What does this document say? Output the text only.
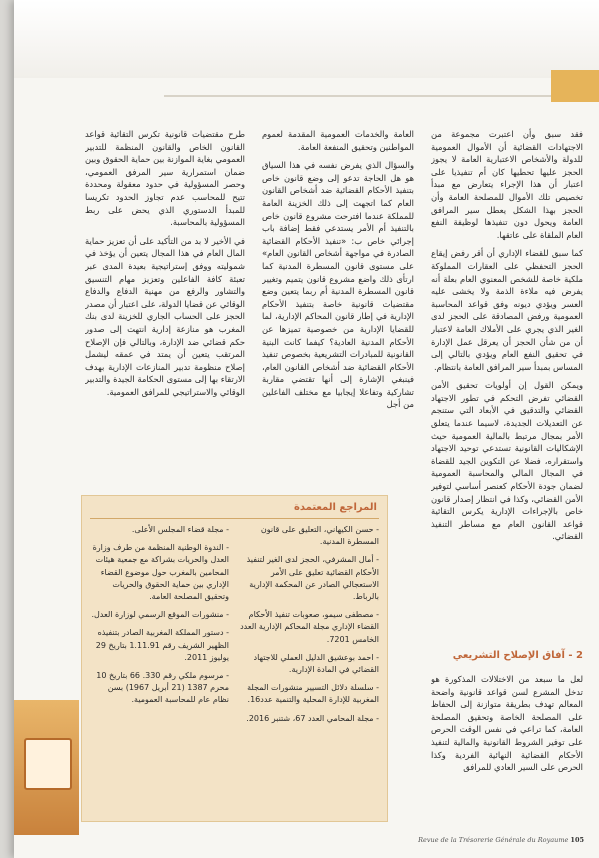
فقد سبق وأن اعتبرت مجموعة من الاجتهادات القضائية أن الأموال العمومية للدولة والأشخاص الاعتبارية العامة لا يجوز الحجز عليها تحطيها كان أم تنفيذيا على اعتبار أن هذا الإجراء يتعارض مع مبدأ تخصيص تلك الأموال للمصلحة العامة وأن الحجز بهذا الشكل يعطل سير المرافق العامة ويحول دون تنفيذها لوظيفة النفع العام الملقاة على عاتقها.

كما سبق للقضاء الإداري أن أقر رفض إيقاع الحجز التحفظي على العقارات المملوكة ملكية خاصة للشخص المعنوي العام بعلة أنه يفرض فيه ملاءة الذمة ولا يخشى عليه العسر ويؤدي ديونه وفق قواعد المحاسبة العمومية ورفض المصادقة على الحجز لدى الغير الذي يجري على الأملاك العامة لاعتبار أن من شأن الحجز أن يعرقل عمل الإدارة في تحقيق النفع العام ويؤدي بالتالي إلى المساس بمبدأ سير المرافق العامة بانتظام.

ويمكن القول إن أولويات تحقيق الأمن القضائي تفرض التحكم في تطور الاجتهاد القضائي والتدقيق في الأبعاد التي ستنجم عن التعديلات الجديدة، لاسيما عندما يتعلق الأمر بمجال مرتبط بالمالية العمومية حيث الإشكاليات القانونية تستدعي توحيد الاجتهاد واستقراره، فضلا عن التكوين الجيد للقضاة في المجال المالي والمحاسبة العمومية لضمان جودة الأحكام كعنصر أساسي لتوفير الأمن القضائي، وكذا في انتظار إصدار قانون خاص بالإجراءات الإدارية يكرس التقائية قواعد القانون العام مع مساطر التنفيذ القضائي.

2 - آفاق الإصلاح التشريعي

لعل ما سبعد من الاختلالات المذكورة هو تدخل المشرع لسن قواعد قانونية واضحة المعالم تهدف بطريقة متوازنة إلى الحفاظ على المصلحة الخاصة وتحقيق المصلحة العامة، كما تراعي في نفس الوقت الحرص على توفير الشروط القانونية والمالية لتنفيذ الأحكام القضائية النهائية الفردية وكذا الحرص على السير العادي للمرافق

العامة والخدمات العمومية المقدمة لعموم المواطنين وتحقيق المنفعة العامة.

والسؤال الذي يفرض نفسه في هذا السياق هو هل الحاجة تدعو إلى وضع قانون خاص بتنفيذ الأحكام القضائية ضد أشخاص القانون العام كما اتجهت إلى ذلك الخزينة العامة للمملكة عندما افترحت مشروع قانون خاص بالتنفيذ أم الأمر يستدعي فقط إضافة باب إجرائي خاص ب: «تنفيذ الأحكام القضائية الصادرة في مواجهة أشخاص القانون العام» على مستوى قانون المسطرة المدنية كما ارتأى ذلك واضع مشروع قانون يتميم وتغيير قانون المسطرة المدنية أم ربما يتعين وضع مقتضيات قانونية خاصة بتنفيذ الأحكام الإدارية في إطار قانون المحاكم الإدارية، لما للقضايا الإدارية من خصوصية تميزها عن الأحكام المدنية العادية؟ كيفما كانت البنية القانونية للمبادرات التشريعية بخصوص تنفيذ الأحكام القضائية ضد أشخاص القانون العام، فينبغي الإشارة إلى أنها تقتضي مقاربة تشاركية وتفاعلا إيجابيا مع مختلف الفاعلين من أجل

طرح مقتضيات قانونية تكرس التقائية قواعد القانون الخاص والقانون المنظمة للتدبير العمومي بغاية الموازنة بين حماية الحقوق وبين ضمان استمرارية سير المرفق العمومي، وحصر المسؤولية في حدود معقولة ومحددة تتيح للمحاسب عدم تجاوز الحدود تكريسا للمبدأ الدستوري الذي يحض على ربط المسؤولية بالمحاسبة.

في الأخير لا بد من التأكيد على أن تعزيز حماية المال العام في هذا المجال يتعين أن يؤخذ في شموليته ووفق إستراتيجية بعيدة المدى عبر تعبئة كافة الفاعلين وتعزيز مهام التنسيق والتشاور والرفع من مهنية الدفاع والدفاع الوقائي عن قضايا الدولة، على اعتبار أن مصدر الحجز على الحساب الجاري للخزينة لدى بنك المغرب هو منازعة إدارية انتهت إلى صدور حكم قضائي ضد الإدارة، وبالتالي فإن الإصلاح المرتقب يتعين أن يمتد في عمقه ليشمل إصلاح منظومة تدبير المنازعات الإدارية بهدف الارتقاء بها إلى مستوى الحكامة الجيدة والتدبير الوقائي والاستراتيجي للمرافق العمومية.

المراجع المعتمدة
- حسن الكيهاني، التعليق على قانون المسطرة المدنية.
- أمال المشرفي، الحجز لدى الغير لتنفيذ الأحكام القضائية تعليق على الأمر الاستعجالي الصادر عن المحكمة الإدارية بالرباط.
- مصطفى سيمو، صعوبات تنفيذ الأحكام القضاء الإداري مجلة المحاكم الإدارية العدد الخامس 7201.
- احمد بوعشيق الدليل العملي للاجتهاد القضائي في المادة الإدارية.
- سلسلة دلائل التسيير منشورات المجلة المغربية للإدارة المحلية والتنمية عدد16.
- مجلة المحامي العدد 67، شتنبر 2016.
- مجلة قضاء المجلس الأعلى.
- الندوة الوطنية المنظمة من طرف وزارة العدل والحريات بشراكة مع جمعية هيئات المحامين بالمغرب حول موضوع القضاء الإداري بين حماية الحقوق والحريات وتحقيق المصلحة العامة.
- منشورات الموقع الرسمي لوزارة العدل.
- دستور المملكة المغربية الصادر بتنفيذه الظهير الشريف رقم 1.11.91 بتاريخ 29 يوليوز 2011.
- مرسوم ملكي رقم 330. 66 بتاريخ 10 محرم 1387 (21 أبريل 1967) بسن نظام عام للمحاسبة العمومية.
Revue de la Trésorerie Générale du Royaume 105
